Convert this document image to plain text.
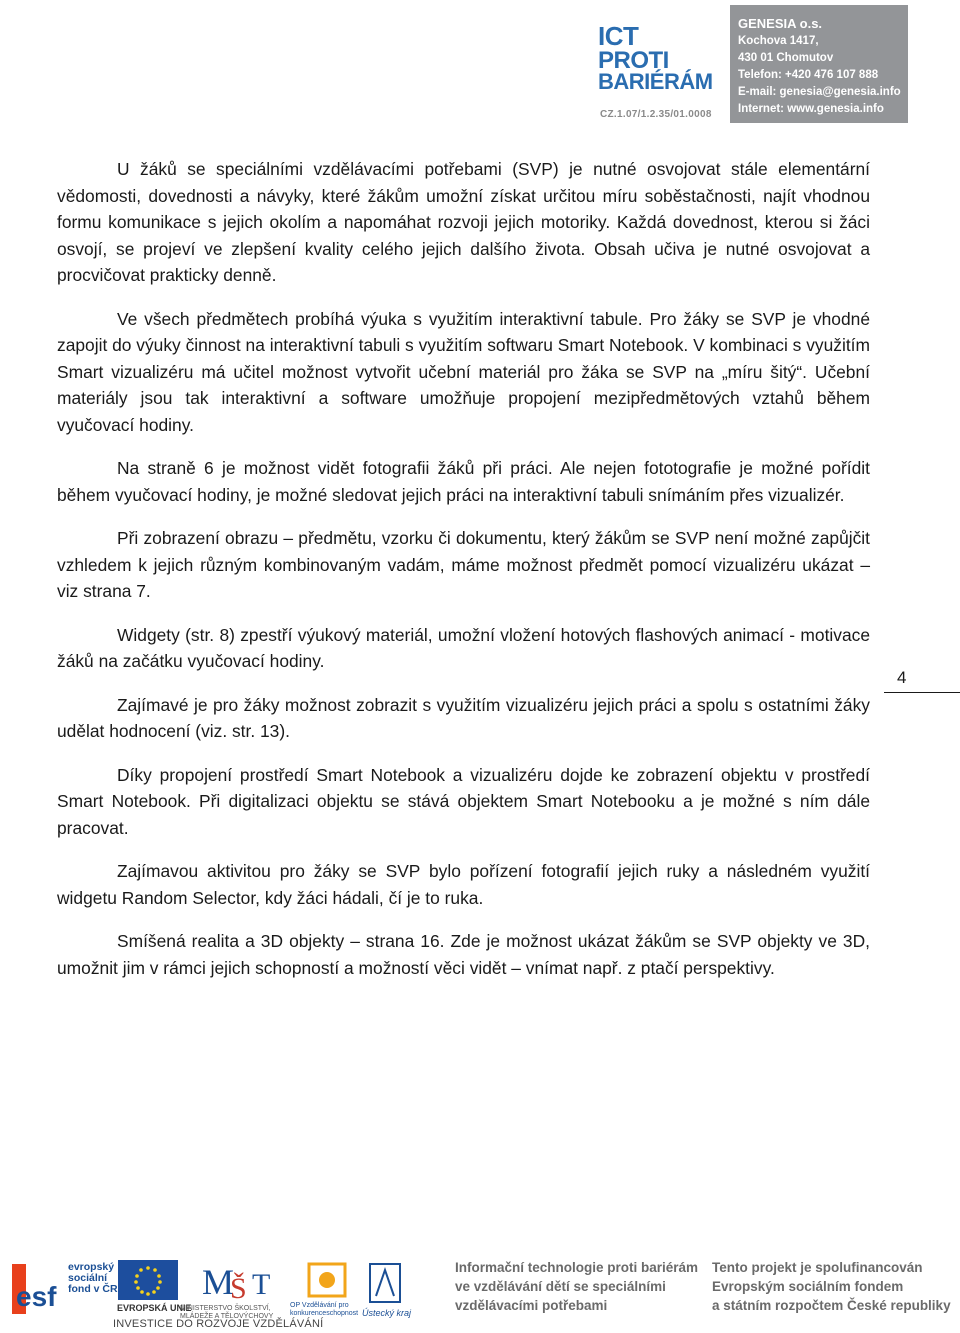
ICT
PROTI
BARIÉRÁM
CZ.1.07/1.2.35/01.0008
GENESIA o.s.
Kochova 1417,
430 01 Chomutov
Telefon: +420 476 107 888
E-mail: genesia@genesia.info
Internet: www.genesia.info

U žáků se speciálními vzdělávacími potřebami (SVP) je nutné osvojovat stále elementární vědomosti, dovednosti a návyky, které žákům umožní získat určitou míru soběstačnosti, najít vhodnou formu komunikace s jejich okolím a napomáhat rozvoji jejich motoriky. Každá dovednost, kterou si žáci osvojí, se projeví ve zlepšení kvality celého jejich dalšího života. Obsah učiva je nutné osvojovat a procvičovat prakticky denně.

Ve všech předmětech probíhá výuka s využitím interaktivní tabule. Pro žáky se SVP je vhodné zapojit do výuky činnost na interaktivní tabuli s využitím softwaru Smart Notebook. V kombinaci s využitím Smart vizualizéru má učitel možnost vytvořit učební materiál pro žáka se SVP na „míru šitý“. Učební materiály jsou tak interaktivní a software umožňuje propojení mezipředmětových vztahů během vyučovací hodiny.

Na straně 6 je možnost vidět fotografii žáků při práci. Ale nejen fototografie je možné pořídit během vyučovací hodiny, je možné sledovat jejich práci na interaktivní tabuli snímáním přes vizualizér.

Při zobrazení obrazu – předmětu, vzorku či dokumentu, který žákům se SVP není možné zapůjčit vzhledem k jejich různým kombinovaným vadám, máme možnost předmět pomocí vizualizéru ukázat – viz strana 7.

Widgety (str. 8) zpestří výukový materiál, umožní vložení hotových flashových animací - motivace žáků na začátku vyučovací hodiny.

Zajímavé je pro žáky možnost zobrazit s využitím vizualizéru jejich práci a spolu s ostatními žáky udělat hodnocení (viz. str. 13).

Díky propojení prostředí Smart Notebook a vizualizéru dojde ke zobrazení objektu v prostředí Smart Notebook. Při digitalizaci objektu se stává objektem Smart Notebooku a je možné s ním dále pracovat.

Zajímavou aktivitou pro žáky se SVP bylo pořízení fotografií jejich ruky a následném využití widgetu Random Selector, kdy žáci hádali, čí je to ruka.

Smíšená realita a 3D objekty – strana 16. Zde je možnost ukázat žákům se SVP objekty ve 3D, umožnit jim v rámci jejich schopností a možností věci vidět – vnímat např. z ptačí perspektivy.

4
esf
evropský
sociální
fond v ČR
EVROPSKÁ UNIE
M
Š T
MINISTERSTVO ŠKOLSTVÍ, MLÁDEŽE A TĚLOVÝCHOVY
OP Vzdělávání pro konkurenceschopnost Ústecký kraj
INVESTICE DO ROZVOJE VZDĚLÁVÁNÍ
Informační technologie proti bariérám
ve vzdělávání dětí se speciálními
vzdělávacími potřebami
Tento projekt je spolufinancován
Evropským sociálním fondem
a státním rozpočtem České republiky
